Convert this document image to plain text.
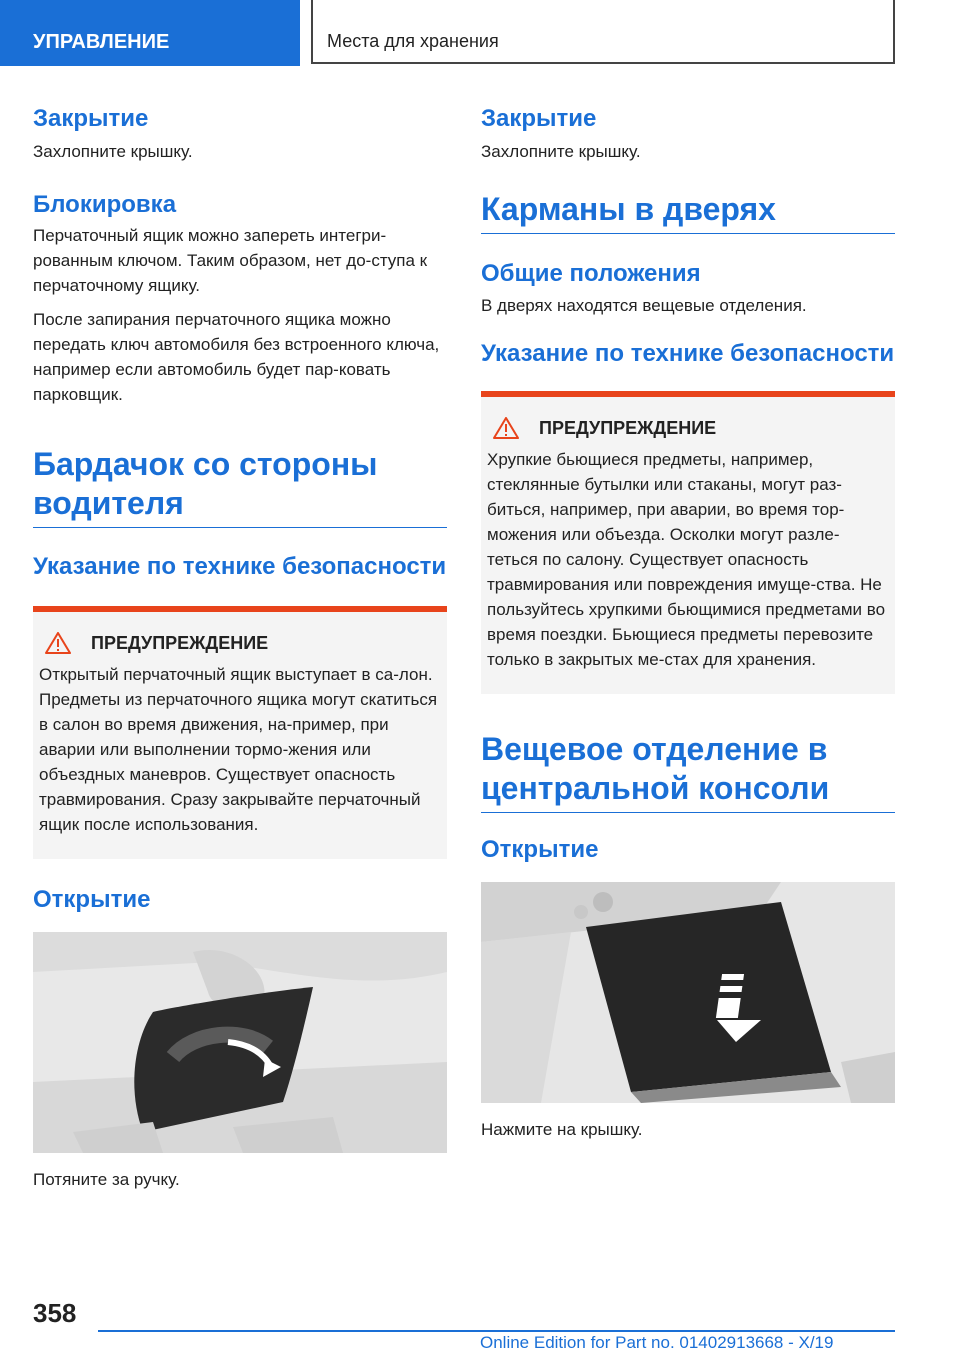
УПРАВЛЕНИЕ	Места для хранения
Закрытие

Захлопните крышку.

Блокировка

Перчаточный ящик можно запереть интегри-рованным ключом. Таким образом, нет до-ступа к перчаточному ящику.

После запирания перчаточного ящика можно передать ключ автомобиля без встроенного ключа, например если автомобиль будет пар-ковать парковщик.

Бардачок со стороны водителя
Указание по технике безопасности
ПРЕДУПРЕЖДЕНИЕ

Открытый перчаточный ящик выступает в са-лон. Предметы из перчаточного ящика могут скатиться в салон во время движения, на-пример, при аварии или выполнении тормо-жения или объездных маневров. Существует опасность травмирования. Сразу закрывайте перчаточный ящик после использования.

Открытие

Потяните за ручку.

Закрытие

Захлопните крышку.

Карманы в дверях
Общие положения

В дверях находятся вещевые отделения.

Указание по технике безопасности
ПРЕДУПРЕЖДЕНИЕ

Хрупкие бьющиеся предметы, например, стеклянные бутылки или стаканы, могут раз-биться, например, при аварии, во время тор-можения или объезда. Осколки могут разле-теться по салону. Существует опасность травмирования или повреждения имуще-ства. Не пользуйтесь хрупкими бьющимися предметами во время поездки. Бьющиеся предметы перевозите только в закрытых ме-стах для хранения.

Вещевое отделение в центральной консоли
Открытие

Нажмите на крышку.

358
Online Edition for Part no. 01402913668 - X/19
